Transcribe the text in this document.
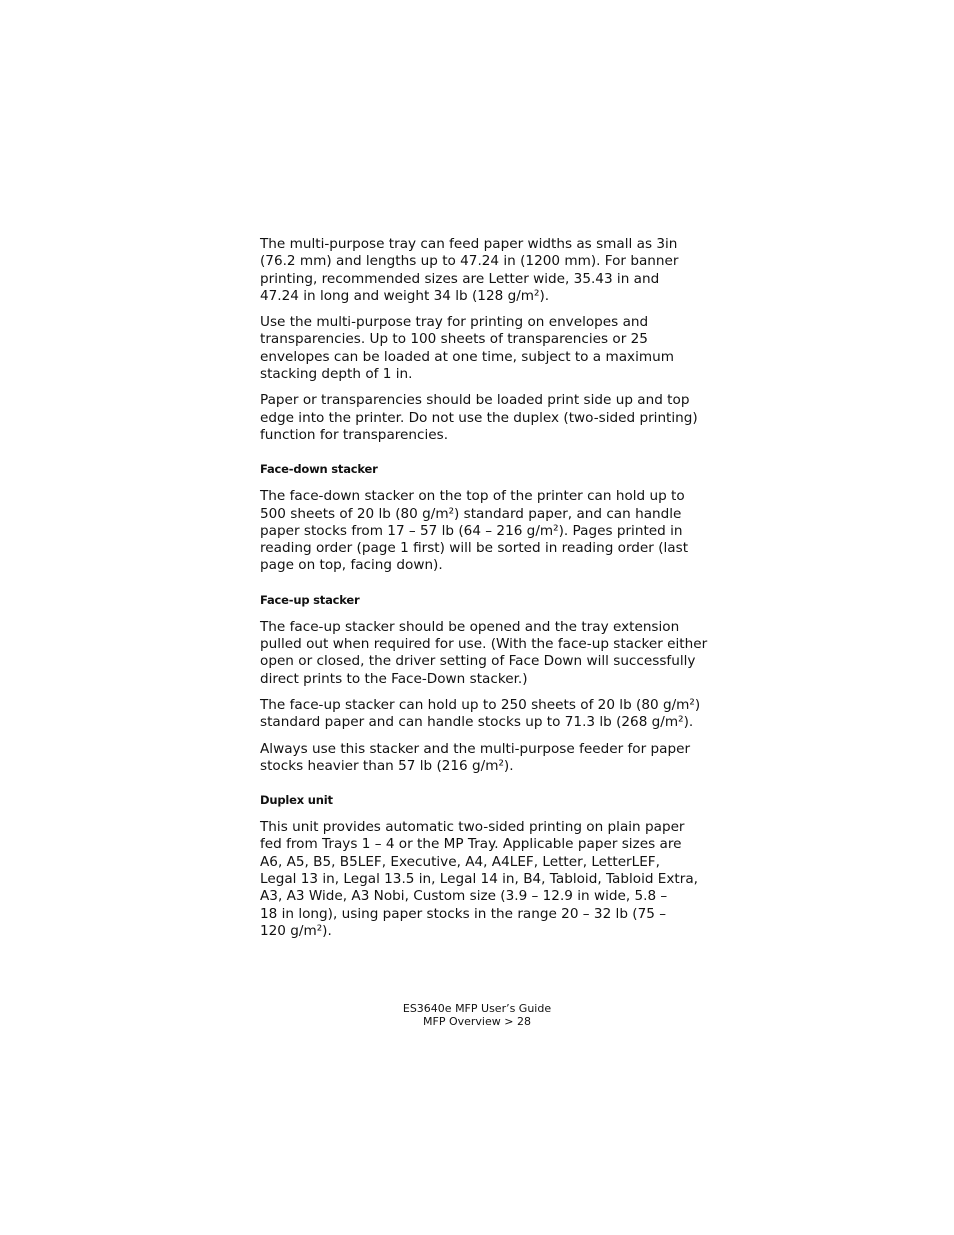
The multi-purpose tray can feed paper widths as small as 3in
(76.2 mm) and lengths up to 47.24 in (1200 mm). For banner
printing, recommended sizes are Letter wide, 35.43 in and
47.24 in long and weight 34 lb (128 g/m²).

Use the multi-purpose tray for printing on envelopes and
transparencies. Up to 100 sheets of transparencies or 25
envelopes can be loaded at one time, subject to a maximum
stacking depth of 1 in.

Paper or transparencies should be loaded print side up and top
edge into the printer. Do not use the duplex (two-sided printing)
function for transparencies.

Face-down stacker

The face-down stacker on the top of the printer can hold up to
500 sheets of 20 lb (80 g/m²) standard paper, and can handle
paper stocks from 17 – 57 lb (64 – 216 g/m²). Pages printed in
reading order (page 1 first) will be sorted in reading order (last
page on top, facing down).

Face-up stacker

The face-up stacker should be opened and the tray extension
pulled out when required for use. (With the face-up stacker either
open or closed, the driver setting of Face Down will successfully
direct prints to the Face-Down stacker.)

The face-up stacker can hold up to 250 sheets of 20 lb (80 g/m²)
standard paper and can handle stocks up to 71.3 lb (268 g/m²).

Always use this stacker and the multi-purpose feeder for paper
stocks heavier than 57 lb (216 g/m²).

Duplex unit

This unit provides automatic two-sided printing on plain paper
fed from Trays 1 – 4 or the MP Tray. Applicable paper sizes are
A6, A5, B5, B5LEF, Executive, A4, A4LEF, Letter, LetterLEF,
Legal 13 in, Legal 13.5 in, Legal 14 in, B4, Tabloid, Tabloid Extra,
A3, A3 Wide, A3 Nobi, Custom size (3.9 – 12.9 in wide, 5.8 –
18 in long), using paper stocks in the range 20 – 32 lb (75 –
120 g/m²).

ES3640e MFP User’s Guide
MFP Overview > 28
